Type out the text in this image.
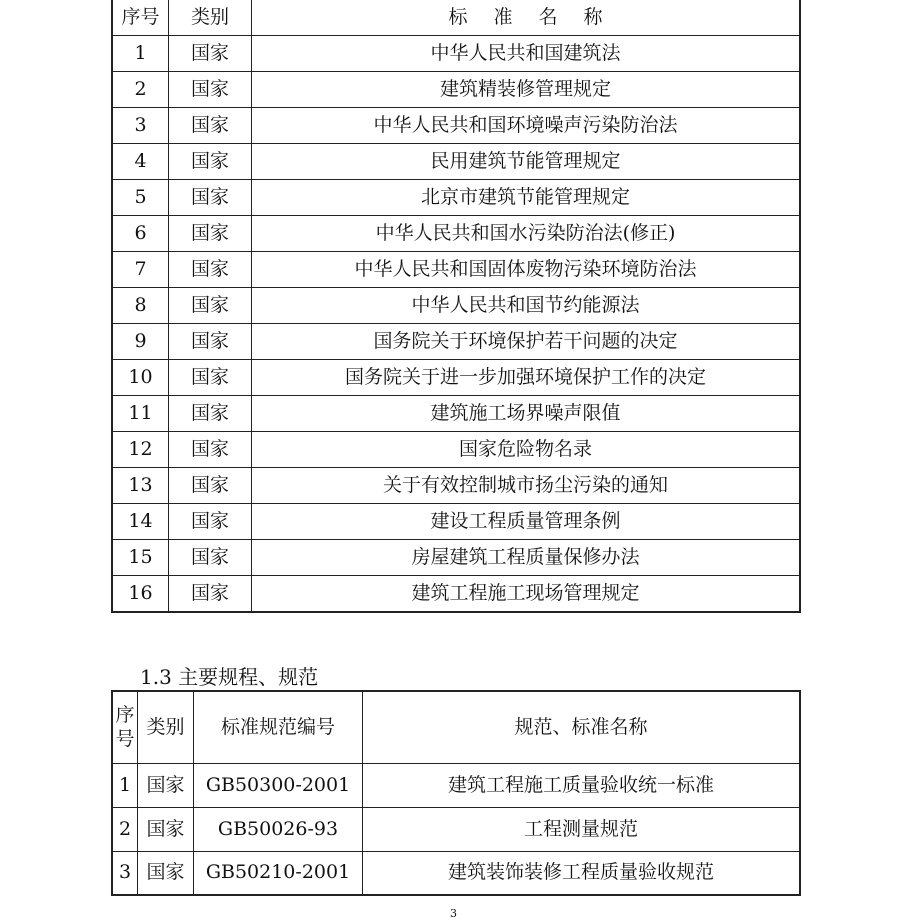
序号	类别	标准名称
1	国家	中华人民共和国建筑法
2	国家	建筑精装修管理规定
3	国家	中华人民共和国环境噪声污染防治法
4	国家	民用建筑节能管理规定
5	国家	北京市建筑节能管理规定
6	国家	中华人民共和国水污染防治法(修正)
7	国家	中华人民共和国固体废物污染环境防治法
8	国家	中华人民共和国节约能源法
9	国家	国务院关于环境保护若干问题的决定
10	国家	国务院关于进一步加强环境保护工作的决定
11	国家	建筑施工场界噪声限值
12	国家	国家危险物名录
13	国家	关于有效控制城市扬尘污染的通知
14	国家	建设工程质量管理条例
15	国家	房屋建筑工程质量保修办法
16	国家	建筑工程施工现场管理规定
1.3 主要规程、规范
序号	类别	标准规范编号	规范、标准名称
1	国家	GB50300-2001	建筑工程施工质量验收统一标准
2	国家	GB50026-93	工程测量规范
3	国家	GB50210-2001	建筑装饰装修工程质量验收规范
3
